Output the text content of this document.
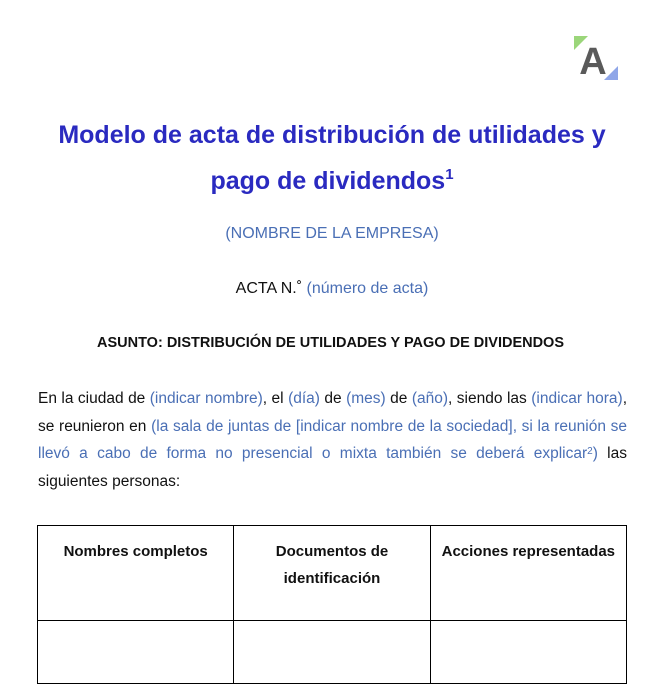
A
Modelo de acta de distribución de utilidades y
pago de dividendos$^1$
(NOMBRE DE LA EMPRESA)
ACTA N.˚ (número de acta)
ASUNTO: DISTRIBUCIÓN DE UTILIDADES Y PAGO DE DIVIDENDOS

En la ciudad de (indicar nombre), el (día) de (mes) de (año), siendo las (indicar hora), se reunieron en (la sala de juntas de [indicar nombre de la sociedad], si la reunión se llevó a cabo de forma no presencial o mixta también se deberá explicar$^2$) las siguientes personas:

Nombres completos	Documentos de identificación	Acciones representadas
